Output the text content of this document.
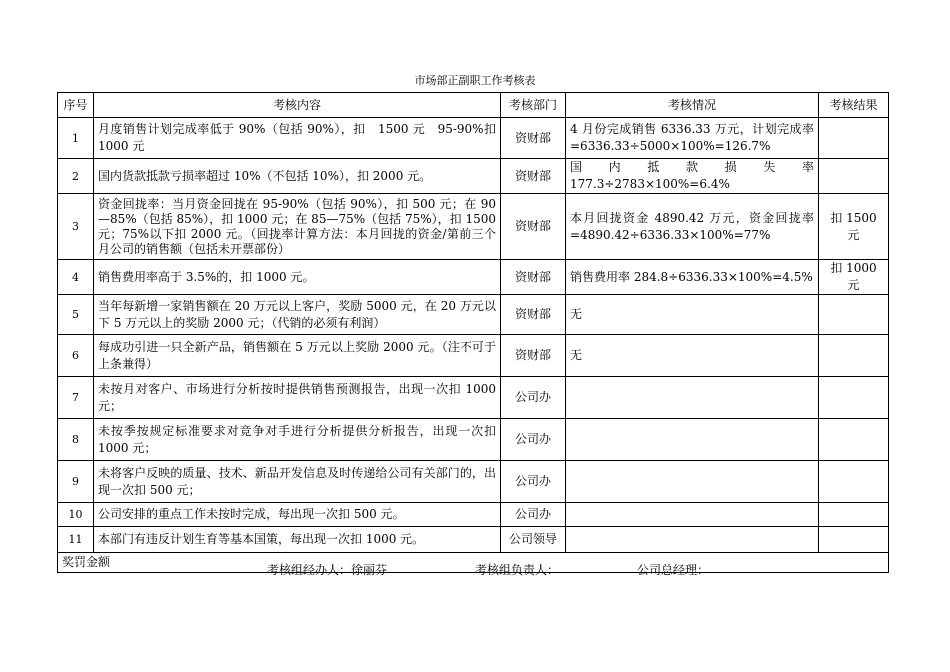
市场部正副职工作考核表
序号	考核内容	考核部门	考核情况	考核结果
1	月度销售计划完成率低于 90%（包括 90%），扣　1500 元　95-90%扣 1000 元	资财部	4 月份完成销售 6336.33 万元，计划完成率=6336.33÷5000×100%=126.7%	
2	国内货款抵款亏损率超过 10%（不包括 10%），扣 2000 元。	资财部	国内抵款损失率 177.3÷2783×100%=6.4%	
3	资金回拢率：当月资金回拢在 95-90%（包括 90%），扣 500 元；在 90—85%（包括 85%），扣 1000 元；在 85—75%（包括 75%），扣 1500 元；75%以下扣 2000 元。（回拢率计算方法：本月回拢的资金/第前三个月公司的销售额（包括未开票部份）	资财部	本月回拢资金 4890.42 万元，资金回拢率=4890.42÷6336.33×100%=77%	扣 1500 元
4	销售费用率高于 3.5%的，扣 1000 元。	资财部	销售费用率 284.8÷6336.33×100%=4.5%	扣 1000 元
5	当年每新增一家销售额在 20 万元以上客户，奖励 5000 元，在 20 万元以下 5 万元以上的奖励 2000 元；（代销的必须有利润）	资财部	无	
6	每成功引进一只全新产品，销售额在 5 万元以上奖励 2000 元。（注不可于上条兼得）	资财部	无	
7	未按月对客户、市场进行分析按时提供销售预测报告，出现一次扣 1000 元；	公司办		
8	未按季按规定标准要求对竞争对手进行分析提供分析报告，出现一次扣 1000 元；	公司办		
9	未将客户反映的质量、技术、新品开发信息及时传递给公司有关部门的，出现一次扣 500 元；	公司办		
10	公司安排的重点工作未按时完成，每出现一次扣 500 元。	公司办		
11	本部门有违反计划生育等基本国策，每出现一次扣 1000 元。	公司领导		
奖罚金额				
考核组经办人：徐丽芬	考核组负责人：	公司总经理：
